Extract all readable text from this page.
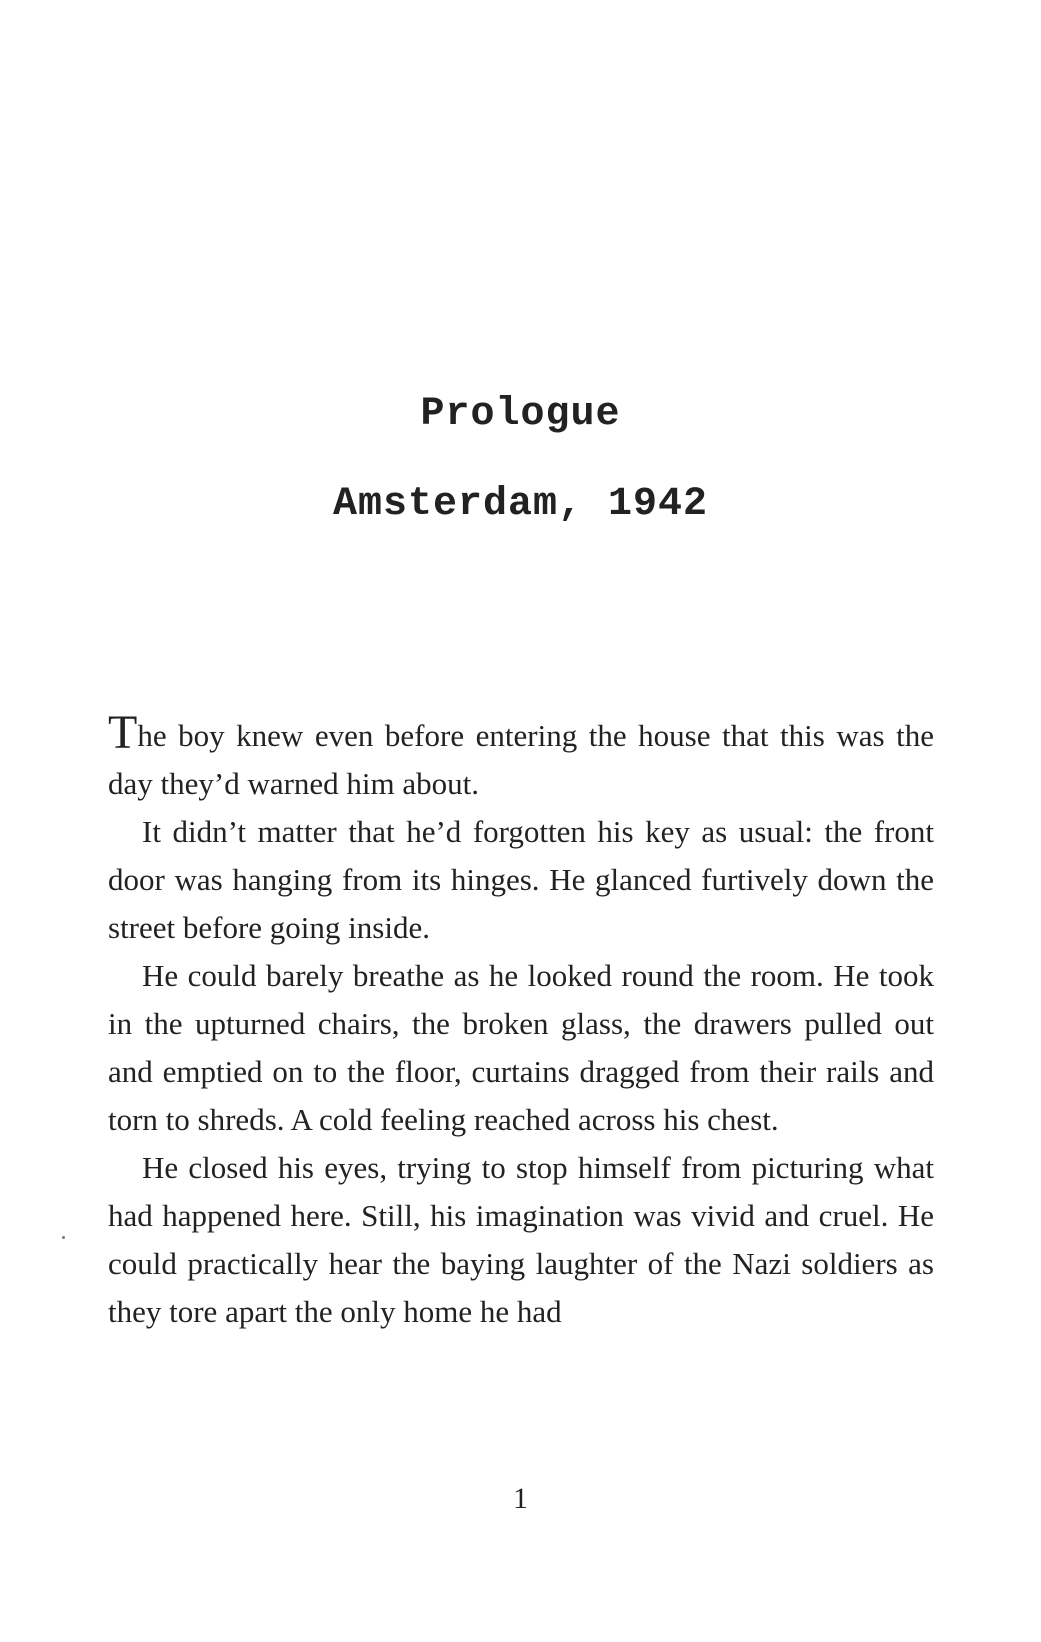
Prologue
Amsterdam, 1942

The boy knew even before entering the house that this was the day they’d warned him about.

It didn’t matter that he’d forgotten his key as usual: the front door was hanging from its hinges. He glanced furtively down the street before going inside.

He could barely breathe as he looked round the room. He took in the upturned chairs, the broken glass, the drawers pulled out and emptied on to the floor, curtains dragged from their rails and torn to shreds. A cold feeling reached across his chest.

He closed his eyes, trying to stop himself from picturing what had happened here. Still, his imagination was vivid and cruel. He could practically hear the baying laughter of the Nazi soldiers as they tore apart the only home he had

1
